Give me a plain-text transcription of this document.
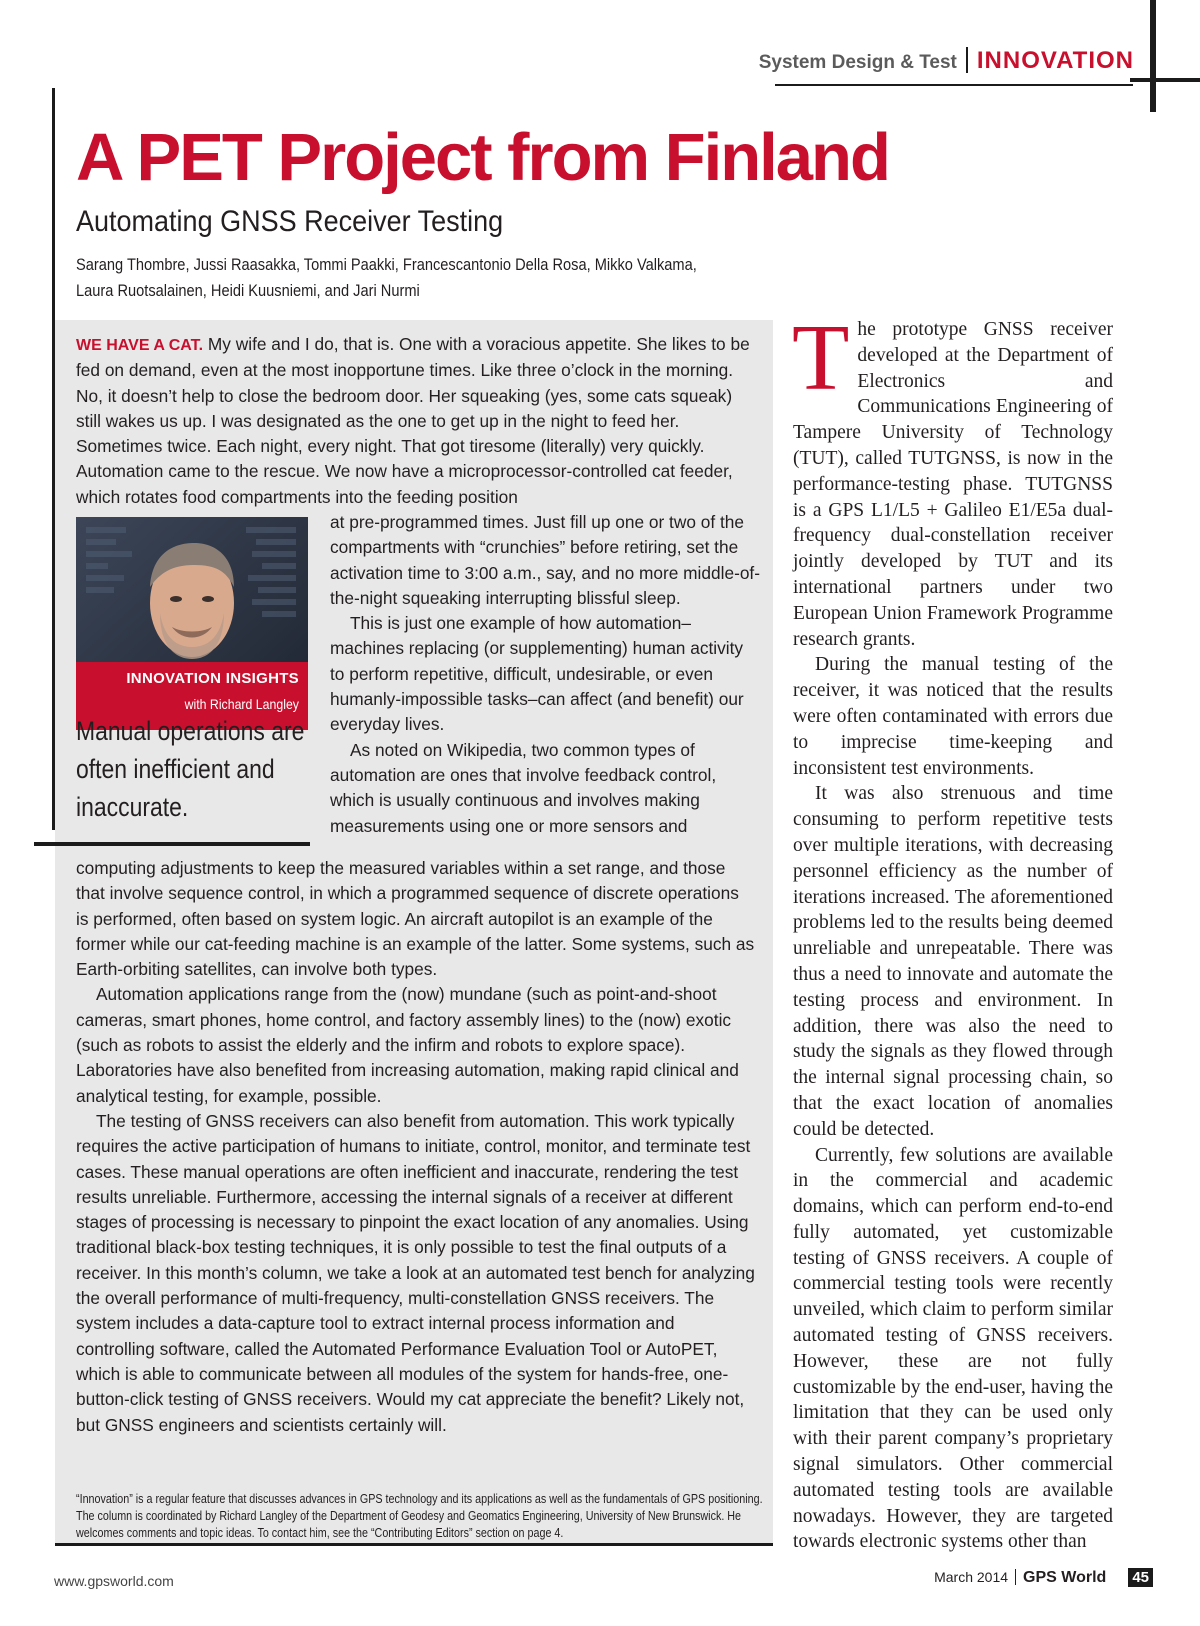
System Design & Test INNOVATION
A PET Project from Finland
Automating GNSS Receiver Testing
Sarang Thombre, Jussi Raasakka, Tommi Paakki, Francescantonio Della Rosa, Mikko Valkama,
Laura Ruotsalainen, Heidi Kuusniemi, and Jari Nurmi

WE HAVE A CAT. My wife and I do, that is. One with a voracious appetite. She likes to be fed on demand, even at the most inopportune times. Like three o’clock in the morning. No, it doesn’t help to close the bedroom door. Her squeaking (yes, some cats squeak) still wakes us up. I was designated as the one to get up in the night to feed her. Sometimes twice. Each night, every night. That got tiresome (literally) very quickly. Automation came to the rescue. We now have a microprocessor-controlled cat feeder, which rotates food compartments into the feeding position

INNOVATION INSIGHTS
with Richard Langley
Manual operations are often inefficient and inaccurate.

at pre-programmed times. Just fill up one or two of the compartments with “crunchies” before retiring, set the activation time to 3:00 a.m., say, and no more middle-of-the-night squeaking interrupting blissful sleep.

This is just one example of how automation–machines replacing (or supplementing) human activity to perform repetitive, difficult, undesirable, or even humanly-impossible tasks–can affect (and benefit) our everyday lives.

As noted on Wikipedia, two common types of automation are ones that involve feedback control, which is usually continuous and involves making measurements using one or more sensors and

computing adjustments to keep the measured variables within a set range, and those that involve sequence control, in which a programmed sequence of discrete operations is performed, often based on system logic. An aircraft autopilot is an example of the former while our cat-feeding machine is an example of the latter. Some systems, such as Earth-orbiting satellites, can involve both types.

Automation applications range from the (now) mundane (such as point-and-shoot cameras, smart phones, home control, and factory assembly lines) to the (now) exotic (such as robots to assist the elderly and the infirm and robots to explore space). Laboratories have also benefited from increasing automation, making rapid clinical and analytical testing, for example, possible.

The testing of GNSS receivers can also benefit from automation. This work typically requires the active participation of humans to initiate, control, monitor, and terminate test cases. These manual operations are often inefficient and inaccurate, rendering the test results unreliable. Furthermore, accessing the internal signals of a receiver at different stages of processing is necessary to pinpoint the exact location of any anomalies. Using traditional black-box testing techniques, it is only possible to test the final outputs of a receiver. In this month’s column, we take a look at an automated test bench for analyzing the overall performance of multi-frequency, multi-constellation GNSS receivers. The system includes a data-capture tool to extract internal process information and controlling software, called the Automated Performance Evaluation Tool or AutoPET, which is able to communicate between all modules of the system for hands-free, one-button-click testing of GNSS receivers. Would my cat appreciate the benefit? Likely not, but GNSS engineers and scientists certainly will.

“Innovation” is a regular feature that discusses advances in GPS technology and its applications as well as the fundamentals of GPS positioning. The column is coordinated by Richard Langley of the Department of Geodesy and Geomatics Engineering, University of New Brunswick. He welcomes comments and topic ideas. To contact him, see the “Contributing Editors” section on page 4.

The prototype GNSS receiver developed at the Department of Electronics and Communications Engineering of Tampere University of Technology (TUT), called TUTGNSS, is now in the performance-testing phase. TUTGNSS is a GPS L1/L5 + Galileo E1/E5a dual-frequency dual-constellation receiver jointly developed by TUT and its international partners under two European Union Framework Programme research grants.

During the manual testing of the receiver, it was noticed that the results were often contaminated with errors due to imprecise time-keeping and inconsistent test environments.

It was also strenuous and time consuming to perform repetitive tests over multiple iterations, with decreasing personnel efficiency as the number of iterations increased. The aforementioned problems led to the results being deemed unreliable and unrepeatable. There was thus a need to innovate and automate the testing process and environment. In addition, there was also the need to study the signals as they flowed through the internal signal processing chain, so that the exact location of anomalies could be detected.

Currently, few solutions are available in the commercial and academic domains, which can perform end-to-end fully automated, yet customizable testing of GNSS receivers. A couple of commercial testing tools were recently unveiled, which claim to perform similar automated testing of GNSS receivers. However, these are not fully customizable by the end-user, having the limitation that they can be used only with their parent company’s proprietary signal simulators. Other commercial automated testing tools are available nowadays. However, they are targeted towards electronic systems other than

www.gpsworld.com	March 2014 GPS World 45
